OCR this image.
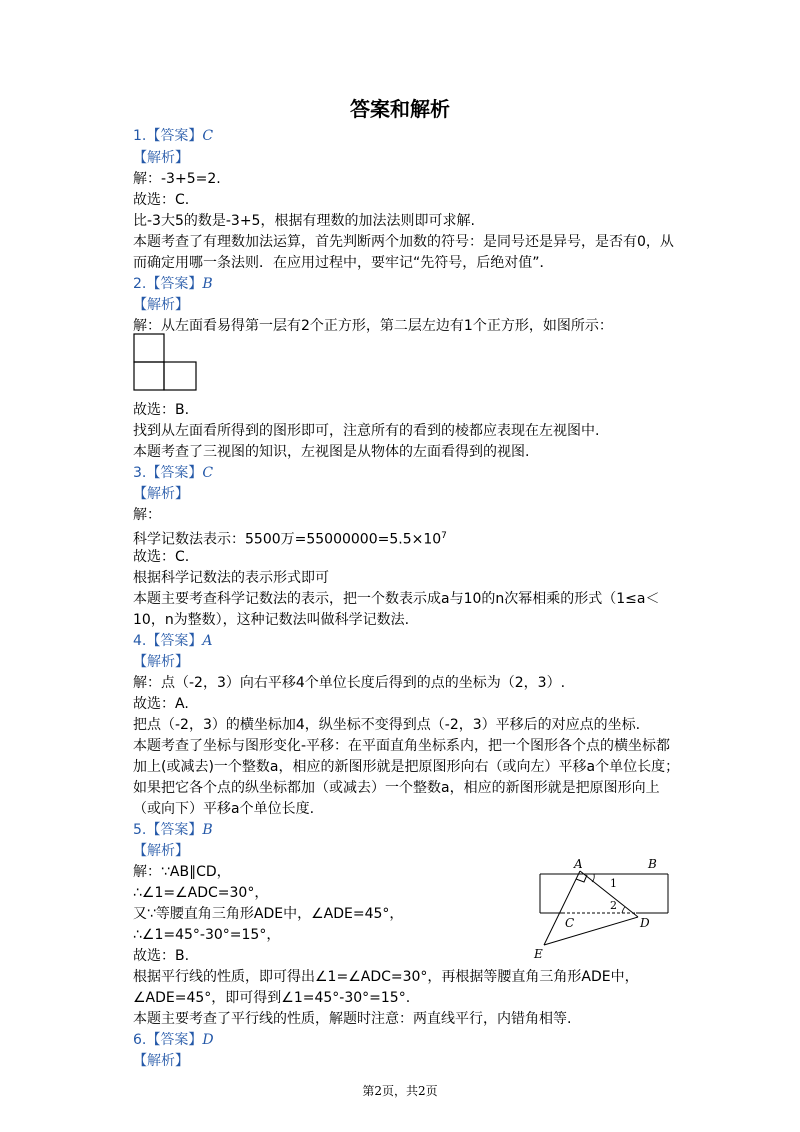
答案和解析
1.【答案】C
【解析】
解：-3+5=2.
故选：C.
比-3大5的数是-3+5，根据有理数的加法法则即可求解.
本题考查了有理数加法运算，首先判断两个加数的符号：是同号还是异号，是否有0，从
而确定用哪一条法则．在应用过程中，要牢记“先符号，后绝对值”．
2.【答案】B
【解析】
解：从左面看易得第一层有2个正方形，第二层左边有1个正方形，如图所示：
故选：B.
找到从左面看所得到的图形即可，注意所有的看到的棱都应表现在左视图中.
本题考查了三视图的知识，左视图是从物体的左面看得到的视图.
3.【答案】C
【解析】
解：
科学记数法表示：5500万$=55000000=5.5\times 10^7$
故选：C.
根据科学记数法的表示形式即可
本题主要考查科学记数法的表示，把一个数表示成a与10的n次幂相乘的形式（1≤a＜
10，n为整数），这种记数法叫做科学记数法.
4.【答案】A
【解析】
解：点（-2，3）向右平移4个单位长度后得到的点的坐标为（2，3）.
故选：A.
把点（-2，3）的横坐标加4，纵坐标不变得到点（-2，3）平移后的对应点的坐标.
本题考查了坐标与图形变化-平移：在平面直角坐标系内，把一个图形各个点的横坐标都
加上(或减去)一个整数a，相应的新图形就是把原图形向右（或向左）平移a个单位长度；
如果把它各个点的纵坐标都加（或减去）一个整数a，相应的新图形就是把原图形向上
（或向下）平移a个单位长度.
5.【答案】B
【解析】
解：∵AB∥CD，
∴∠1=∠ADC=30°，
又∵等腰直角三角形ADE中，∠ADE=45°，
∴∠1=45°-30°=15°，
故选：B.
根据平行线的性质，即可得出∠1=∠ADC=30°，再根据等腰直角三角形ADE中，
∠ADE=45°，即可得到∠1=45°-30°=15°.
本题主要考查了平行线的性质，解题时注意：两直线平行，内错角相等.
A	B
C	D
E
1
2
6.【答案】D
【解析】
第2页，共2页
